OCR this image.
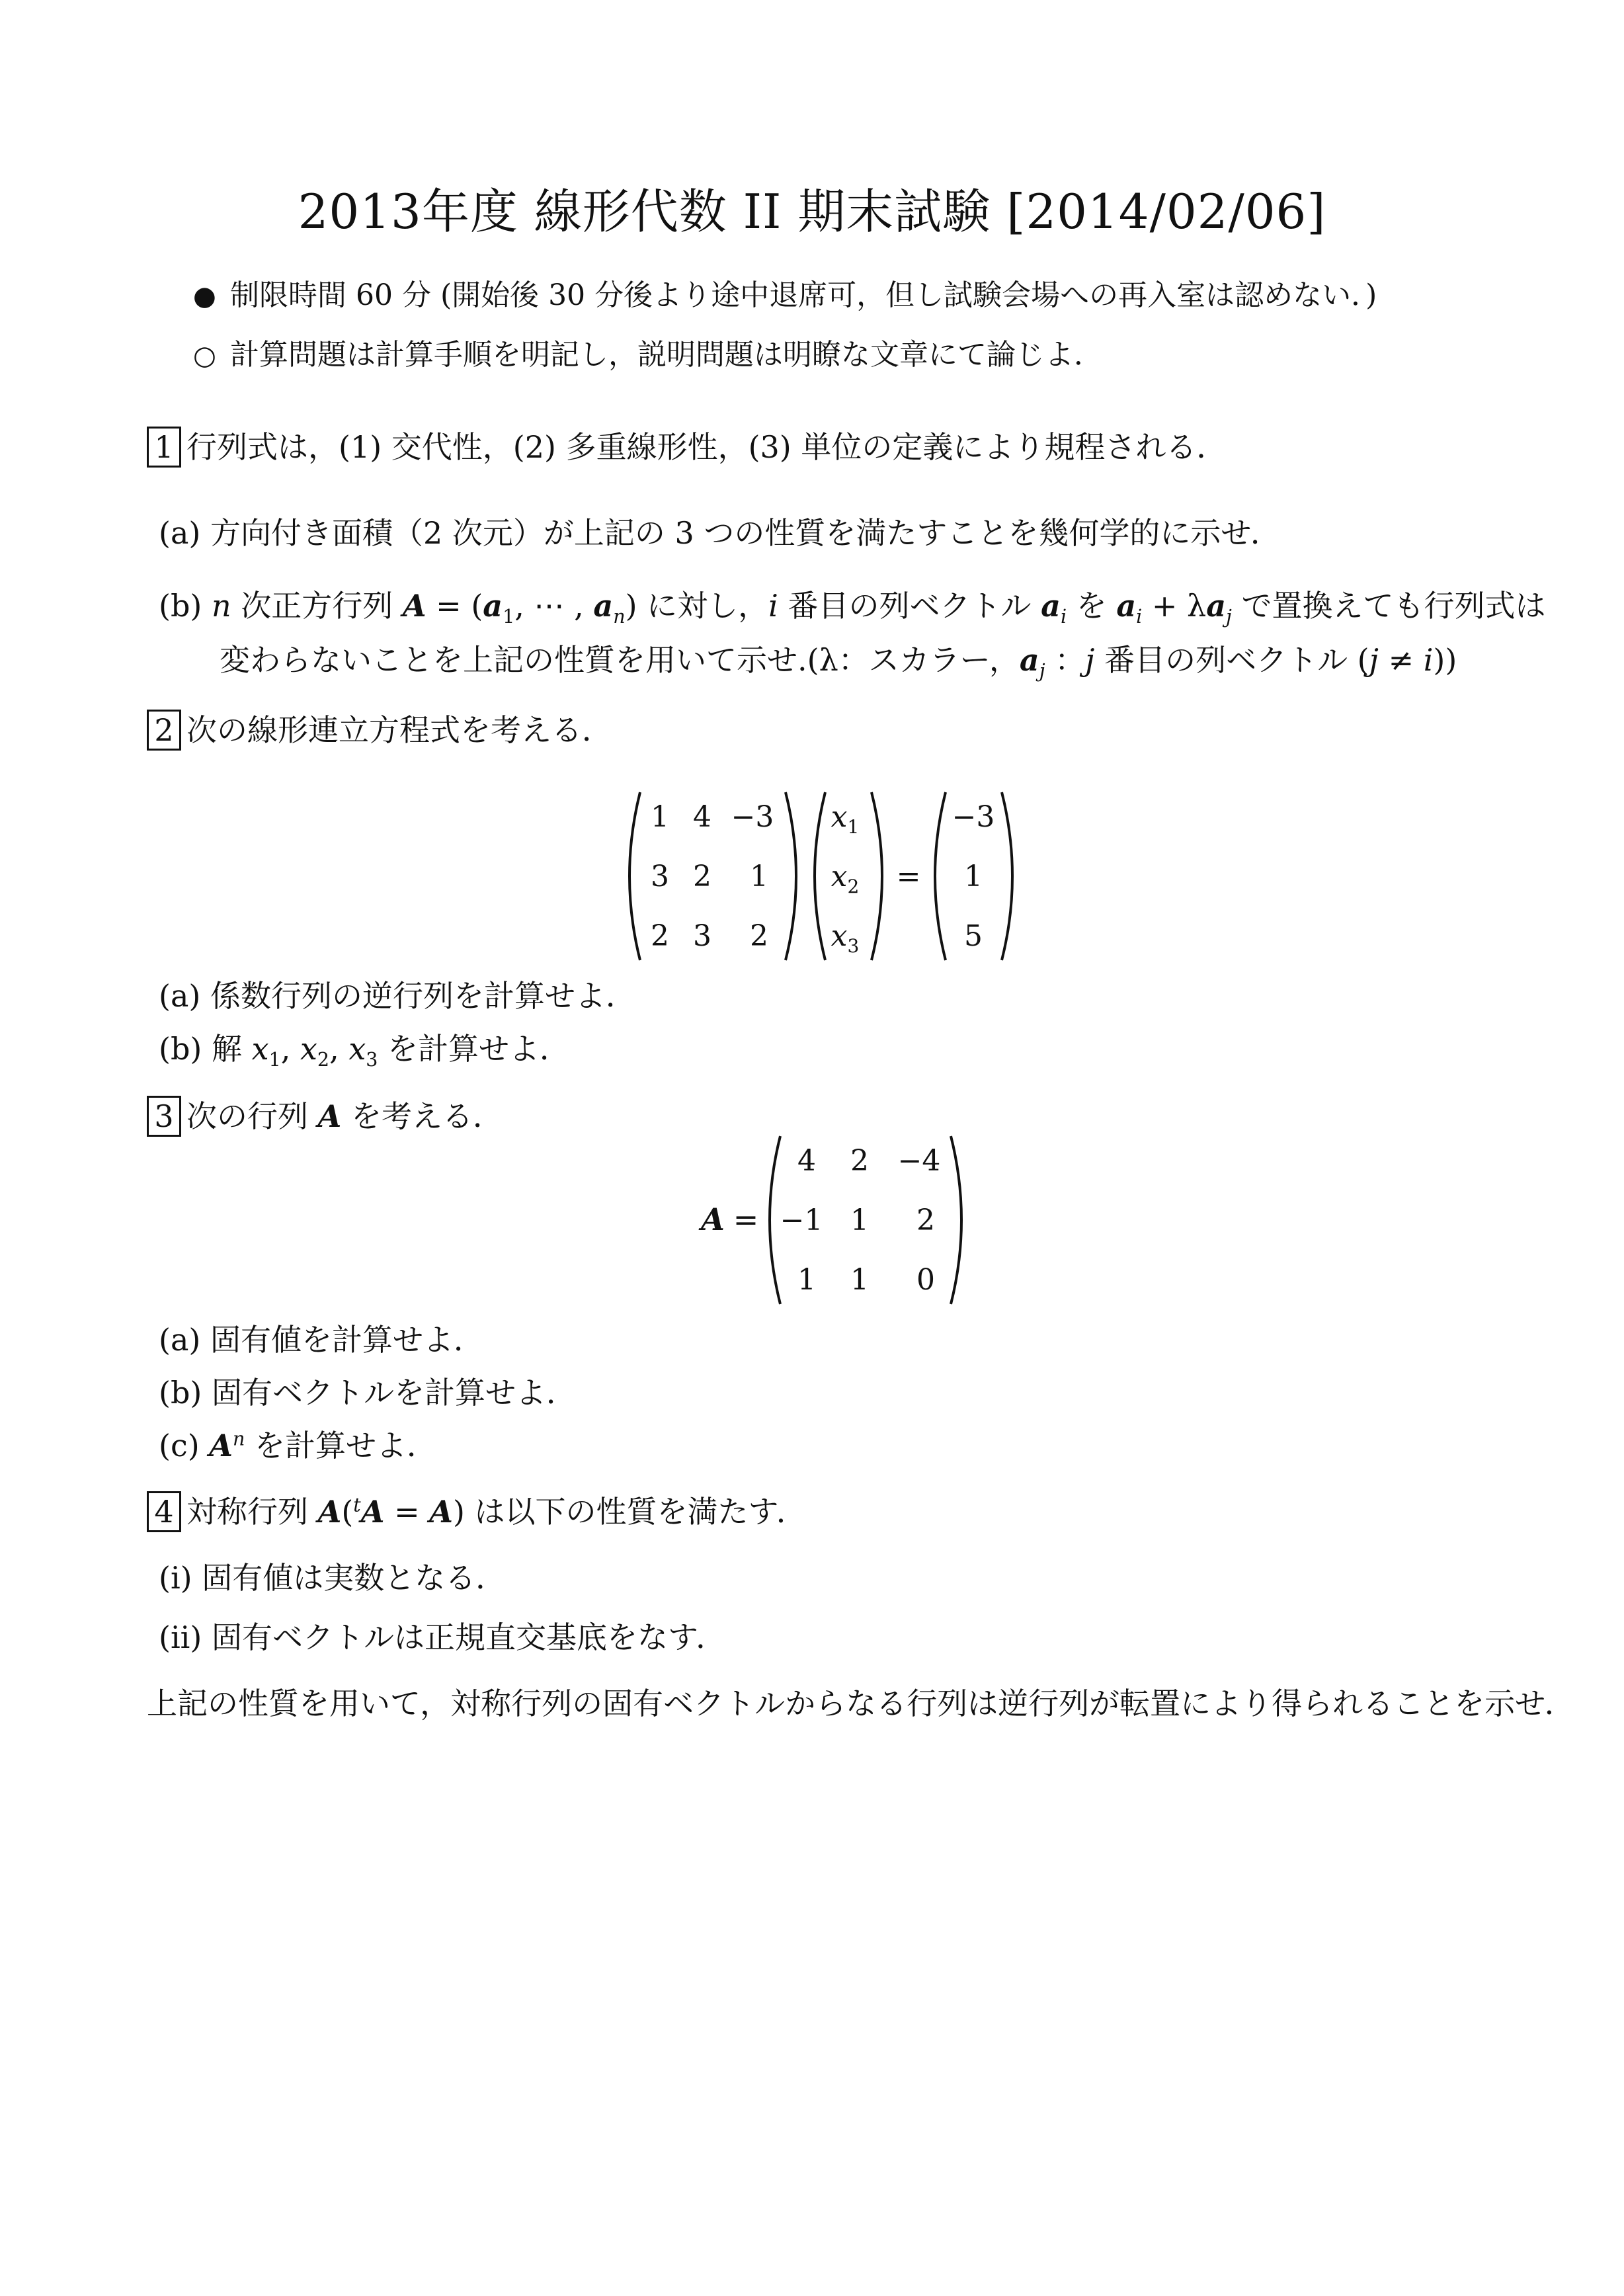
2013年度 線形代数 II 期末試験 [2014/02/06]
● 制限時間 60 分 (開始後 30 分後より途中退席可，但し試験会場への再入室は認めない．)
○ 計算問題は計算手順を明記し，説明問題は明瞭な文章にて論じよ．
1 行列式は，(1) 交代性，(2) 多重線形性，(3) 単位の定義により規程される．
(a) 方向付き面積（2 次元）が上記の 3 つの性質を満たすことを幾何学的に示せ．
(b) n 次正方行列 $A = (a_1$, ⋯ , $a_n$) に対し，i 番目の列ベクトル $a_i$ を $a_i + \lambda a_j$ で置換えても行列式は
変わらないことを上記の性質を用いて示せ.(λ：スカラー，$a_j$ ：j 番目の列ベクトル (j ≠ i))
2 次の線形連立方程式を考える．
1 4 −3
3 2 1
2 3 2
$x_1$
$x_2$
$x_3$
=
−3
1
5
(a) 係数行列の逆行列を計算せよ．
(b) 解 $x_1$, $x_2$, $x_3$ を計算せよ．
3 次の行列 A を考える．
A =
4 2 −4
−1 1 2
1 1 0
(a) 固有値を計算せよ．
(b) 固有ベクトルを計算せよ．
(c) $A^n$ を計算せよ．
4 対称行列 A($^t$A = A) は以下の性質を満たす．
(i) 固有値は実数となる．
(ii) 固有ベクトルは正規直交基底をなす．
上記の性質を用いて，対称行列の固有ベクトルからなる行列は逆行列が転置により得られることを示せ．
